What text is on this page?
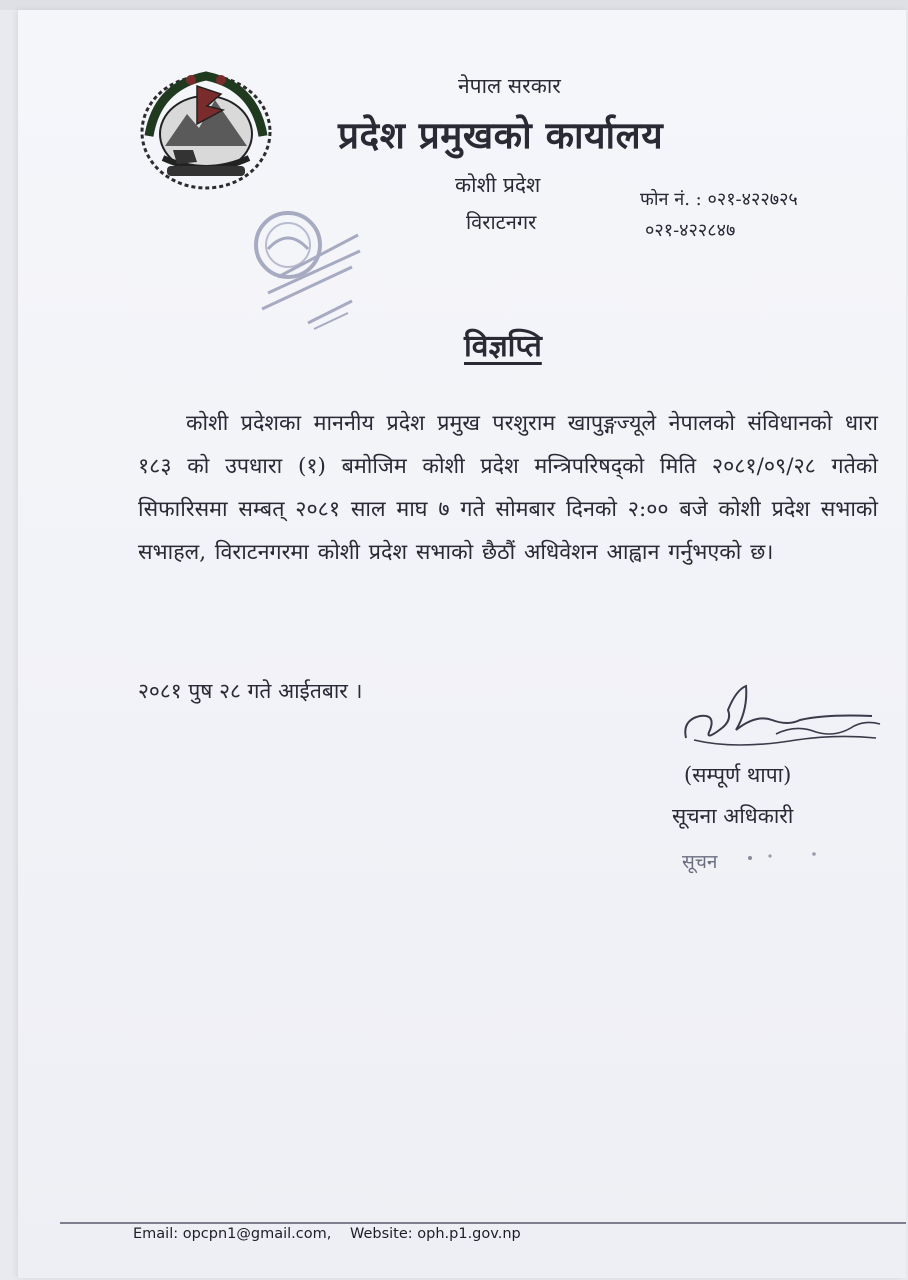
नेपाल सरकार
प्रदेश प्रमुखको कार्यालय
कोशी प्रदेश
विराटनगर
फोन नं. : ०२१-४२२७२५
०२१-४२२८४७
विज्ञप्ति
कोशी प्रदेशका माननीय प्रदेश प्रमुख परशुराम खापुङ्गज्यूले नेपालको संविधानको धारा १८३ को उपधारा (१) बमोजिम कोशी प्रदेश मन्त्रिपरिषद्‌को मिति २०८१/०९/२८ गतेको सिफारिसमा सम्बत् २०८१ साल माघ ७ गते सोमबार दिनको २:०० बजे कोशी प्रदेश सभाको सभाहल, विराटनगरमा कोशी प्रदेश सभाको छैठौं अधिवेशन आह्वान गर्नुभएको छ।
२०८१ पुष २८ गते आईतबार ।
(सम्पूर्ण थापा)
सूचना अधिकारी
सूचन
Email: opcpn1@gmail.com, Website: oph.p1.gov.np
